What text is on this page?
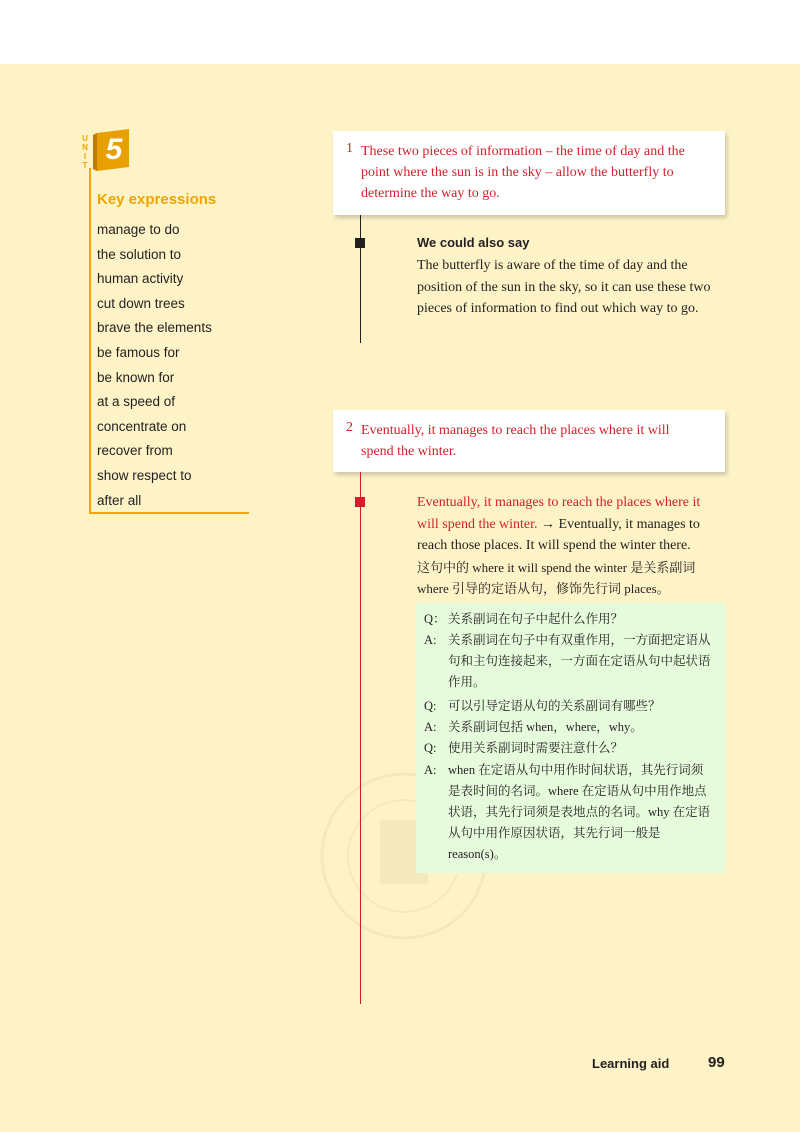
U
N
I
T 5
Key expressions
manage to do
the solution to
human activity
cut down trees
brave the elements
be famous for
be known for
at a speed of
concentrate on
recover from
show respect to
after all
1 These two pieces of information – the time of day and the point where the sun is in the sky – allow the butterfly to determine the way to go.
We could also say
The butterfly is aware of the time of day and the position of the sun in the sky, so it can use these two pieces of information to find out which way to go.
2 Eventually, it manages to reach the places where it will spend the winter.
Eventually, it manages to reach the places where it will spend the winter. → Eventually, it manages to reach those places. It will spend the winter there.
这句中的 where it will spend the winter 是关系副词 where 引导的定语从句，修饰先行词 places。
Q： 关系副词在句子中起什么作用？
A: 关系副词在句子中有双重作用，一方面把定语从句和主句连接起来，一方面在定语从句中起状语作用。
Q: 可以引导定语从句的关系副词有哪些？
A: 关系副词包括 when，where，why。
Q: 使用关系副词时需要注意什么？
A: when 在定语从句中用作时间状语，其先行词须是表时间的名词。where 在定语从句中用作地点状语，其先行词须是表地点的名词。why 在定语从句中用作原因状语，其先行词一般是 reason(s)。
Learning aid	99
